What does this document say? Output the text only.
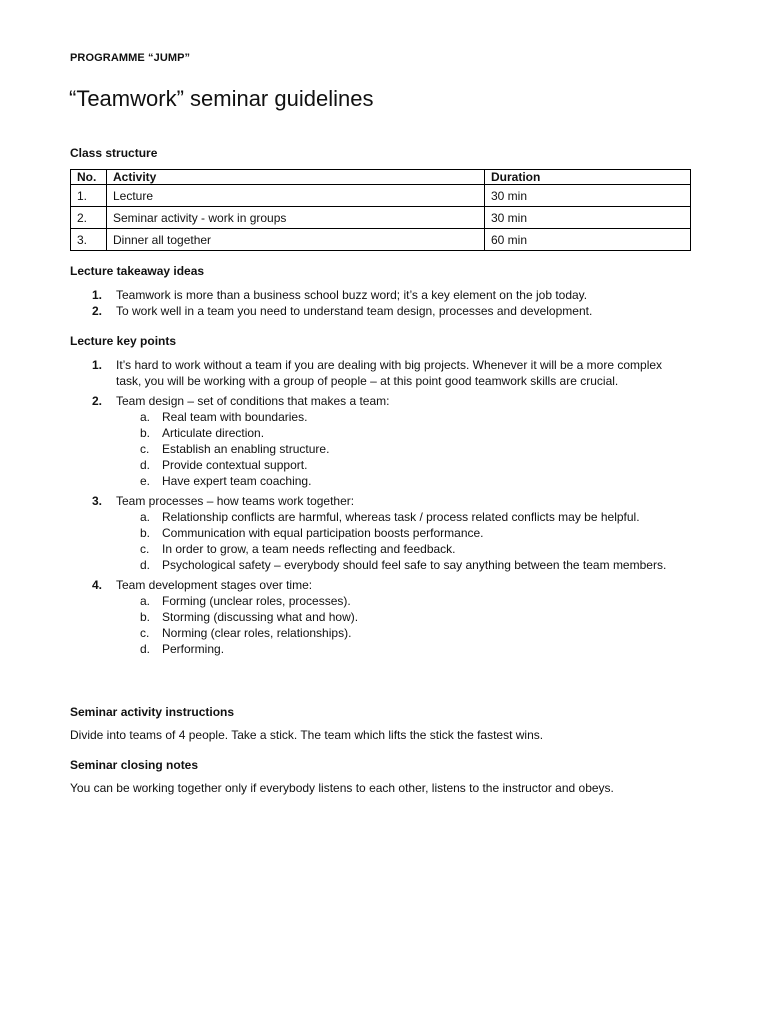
PROGRAMME “JUMP”
“Teamwork” seminar guidelines
Class structure
No.	Activity	Duration
1.	Lecture	30 min
2.	Seminar activity - work in groups	30 min
3.	Dinner all together	60 min
Lecture takeaway ideas
1. Teamwork is more than a business school buzz word; it’s a key element on the job today.
2. To work well in a team you need to understand team design, processes and development.
Lecture key points
1. It’s hard to work without a team if you are dealing with big projects. Whenever it will be a more complex task, you will be working with a group of people – at this point good teamwork skills are crucial.
2. Team design – set of conditions that makes a team:
a. Real team with boundaries.
b. Articulate direction.
c. Establish an enabling structure.
d. Provide contextual support.
e. Have expert team coaching.
3. Team processes – how teams work together:
a. Relationship conflicts are harmful, whereas task / process related conflicts may be helpful.
b. Communication with equal participation boosts performance.
c. In order to grow, a team needs reflecting and feedback.
d. Psychological safety – everybody should feel safe to say anything between the team members.
4. Team development stages over time:
a. Forming (unclear roles, processes).
b. Storming (discussing what and how).
c. Norming (clear roles, relationships).
d. Performing.
Seminar activity instructions

Divide into teams of 4 people. Take a stick. The team which lifts the stick the fastest wins.

Seminar closing notes

You can be working together only if everybody listens to each other, listens to the instructor and obeys.
